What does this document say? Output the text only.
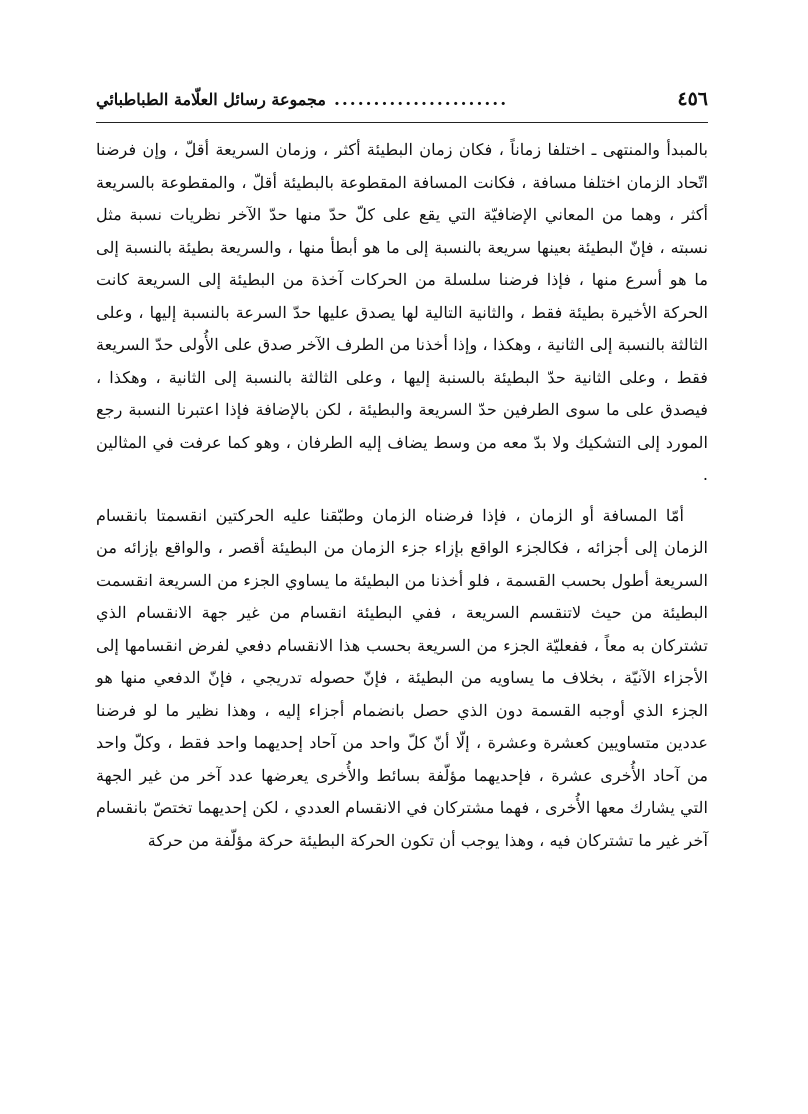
٤٥٦
......................
مجموعة رسائل العلّامة الطباطبائي

بالمبدأ والمنتهى ـ اختلفا زماناً ، فكان زمان البطيئة أكثر ، وزمان السريعة أقلّ ، وإن فرضنا اتّحاد الزمان اختلفا مسافة ، فكانت المسافة المقطوعة بالبطيئة أقلّ ، والمقطوعة بالسريعة أكثر ، وهما من المعاني الإضافيّة التي يقع على كلّ حدّ منها حدّ الآخر نظريات نسبة مثل نسبته ، فإنّ البطيئة بعينها سريعة بالنسبة إلى ما هو أبطأ منها ، والسريعة بطيئة بالنسبة إلى ما هو أسرع منها ، فإذا فرضنا سلسلة من الحركات آخذة من البطيئة إلى السريعة كانت الحركة الأخيرة بطيئة فقط ، والثانية التالية لها يصدق عليها حدّ السرعة بالنسبة إليها ، وعلى الثالثة بالنسبة إلى الثانية ، وهكذا ، وإذا أخذنا من الطرف الآخر صدق على الأُولى حدّ السريعة فقط ، وعلى الثانية حدّ البطيئة بالسنبة إليها ، وعلى الثالثة بالنسبة إلى الثانية ، وهكذا ، فيصدق على ما سوى الطرفين حدّ السريعة والبطيئة ، لكن بالإضافة فإذا اعتبرنا النسبة رجع المورد إلى التشكيك ولا بدّ معه من وسط يضاف إليه الطرفان ، وهو كما عرفت في المثالين .

أمّا المسافة أو الزمان ، فإذا فرضناه الزمان وطبّقنا عليه الحركتين انقسمتا بانقسام الزمان إلى أجزائه ، فكالجزء الواقع بإزاء جزء الزمان من البطيئة أقصر ، والواقع بإزائه من السريعة أطول بحسب القسمة ، فلو أخذنا من البطيئة ما يساوي الجزء من السريعة انقسمت البطيئة من حيث لاتنقسم السريعة ، ففي البطيئة انقسام من غير جهة الانقسام الذي تشتركان به معاً ، ففعليّة الجزء من السريعة بحسب هذا الانقسام دفعي لفرض انقسامها إلى الأجزاء الآنيّة ، بخلاف ما يساويه من البطيئة ، فإنّ حصوله تدريجي ، فإنّ الدفعي منها هو الجزء الذي أوجبه القسمة دون الذي حصل بانضمام أجزاء إليه ، وهذا نظير ما لو فرضنا عددين متساويين كعشرة وعشرة ، إلّا أنّ كلّ واحد من آحاد إحديهما واحد فقط ، وكلّ واحد من آحاد الأُخرى عشرة ، فإحديهما مؤلّفة بسائط والأُخرى يعرضها عدد آخر من غير الجهة التي يشارك معها الأُخرى ، فهما مشتركان في الانقسام العددي ، لكن إحديهما تختصّ بانقسام آخر غير ما تشتركان فيه ، وهذا يوجب أن تكون الحركة البطيئة حركة مؤلّفة من حركة
